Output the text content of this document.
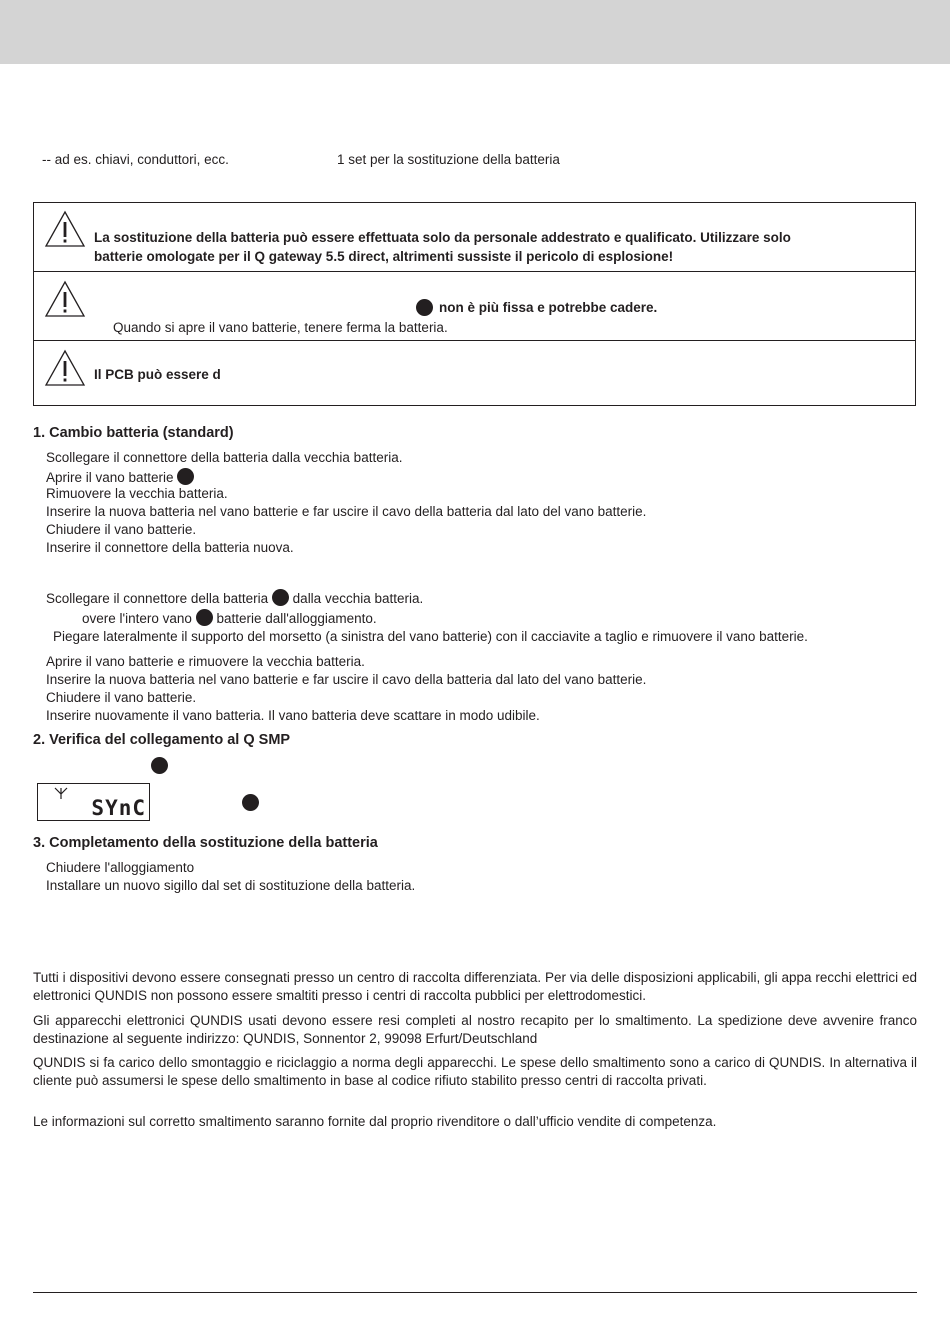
-- ad es. chiavi, conduttori, ecc.	1 set per la sostituzione della batteria
La sostituzione della batteria può essere effettuata solo da personale addestrato e qualificato. Utilizzare solo
batterie omologate per il Q gateway 5.5 direct, altrimenti sussiste il pericolo di esplosione!
non è più fissa e potrebbe cadere.
Quando si apre il vano batterie, tenere ferma la batteria.
Il PCB può essere d
1. Cambio batteria (standard)
Scollegare il connettore della batteria dalla vecchia batteria.
Aprire il vano batterie
Rimuovere la vecchia batteria.
Inserire la nuova batteria nel vano batterie e far uscire il cavo della batteria dal lato del vano batterie.
Chiudere il vano batterie.
Inserire il connettore della batteria nuova.
Scollegare il connettore della batteria dalla vecchia batteria.
overe l'intero vano batterie dall'alloggiamento.
Piegare lateralmente il supporto del morsetto (a sinistra del vano batterie) con il cacciavite a taglio e rimuovere il vano batterie.
Aprire il vano batterie e rimuovere la vecchia batteria.
Inserire la nuova batteria nel vano batterie e far uscire il cavo della batteria dal lato del vano batterie.
Chiudere il vano batterie.
Inserire nuovamente il vano batteria. Il vano batteria deve scattare in modo udibile.
2. Verifica del collegamento al Q SMP
SYnC
3. Completamento della sostituzione della batteria
Chiudere l'alloggiamento
Installare un nuovo sigillo dal set di sostituzione della batteria.
Tutti i dispositivi devono essere consegnati presso un centro di raccolta differenziata. Per via delle disposizioni applicabili, gli appa recchi elettrici ed elettronici QUNDIS non possono essere smaltiti presso i centri di raccolta pubblici per elettrodomestici.
Gli apparecchi elettronici QUNDIS usati devono essere resi completi al nostro recapito per lo smaltimento. La spedizione deve avvenire franco destinazione al seguente indirizzo: QUNDIS, Sonnentor 2, 99098 Erfurt/Deutschland
QUNDIS si fa carico dello smontaggio e riciclaggio a norma degli apparecchi. Le spese dello smaltimento sono a carico di QUNDIS. In alternativa il cliente può assumersi le spese dello smaltimento in base al codice rifiuto stabilito presso centri di raccolta privati.
Le informazioni sul corretto smaltimento saranno fornite dal proprio rivenditore o dall’ufficio vendite di competenza.
